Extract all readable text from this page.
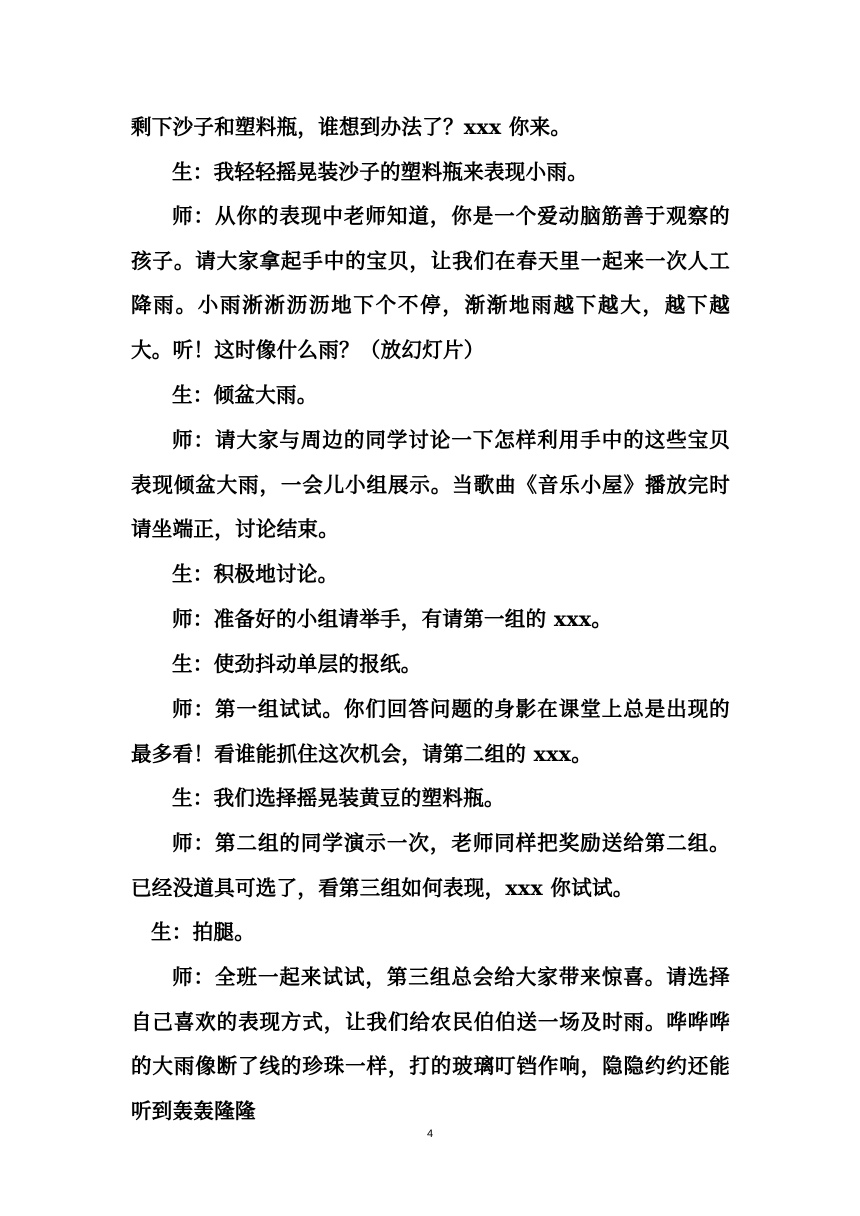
剩下沙子和塑料瓶，谁想到办法了？xxx 你来。

生：我轻轻摇晃装沙子的塑料瓶来表现小雨。

师：从你的表现中老师知道，你是一个爱动脑筋善于观察的孩子。请大家拿起手中的宝贝，让我们在春天里一起来一次人工降雨。小雨淅淅沥沥地下个不停，渐渐地雨越下越大，越下越大。听！这时像什么雨？（放幻灯片）

生：倾盆大雨。

师：请大家与周边的同学讨论一下怎样利用手中的这些宝贝表现倾盆大雨，一会儿小组展示。当歌曲《音乐小屋》播放完时请坐端正，讨论结束。

生：积极地讨论。

师：准备好的小组请举手，有请第一组的 xxx。

生：使劲抖动单层的报纸。

师：第一组试试。你们回答问题的身影在课堂上总是出现的最多看！看谁能抓住这次机会，请第二组的 xxx。

生：我们选择摇晃装黄豆的塑料瓶。

师：第二组的同学演示一次，老师同样把奖励送给第二组。已经没道具可选了，看第三组如何表现，xxx 你试试。

生：拍腿。

师：全班一起来试试，第三组总会给大家带来惊喜。请选择自己喜欢的表现方式，让我们给农民伯伯送一场及时雨。哗哗哗的大雨像断了线的珍珠一样，打的玻璃叮铛作响，隐隐约约还能听到轰轰隆隆

4
